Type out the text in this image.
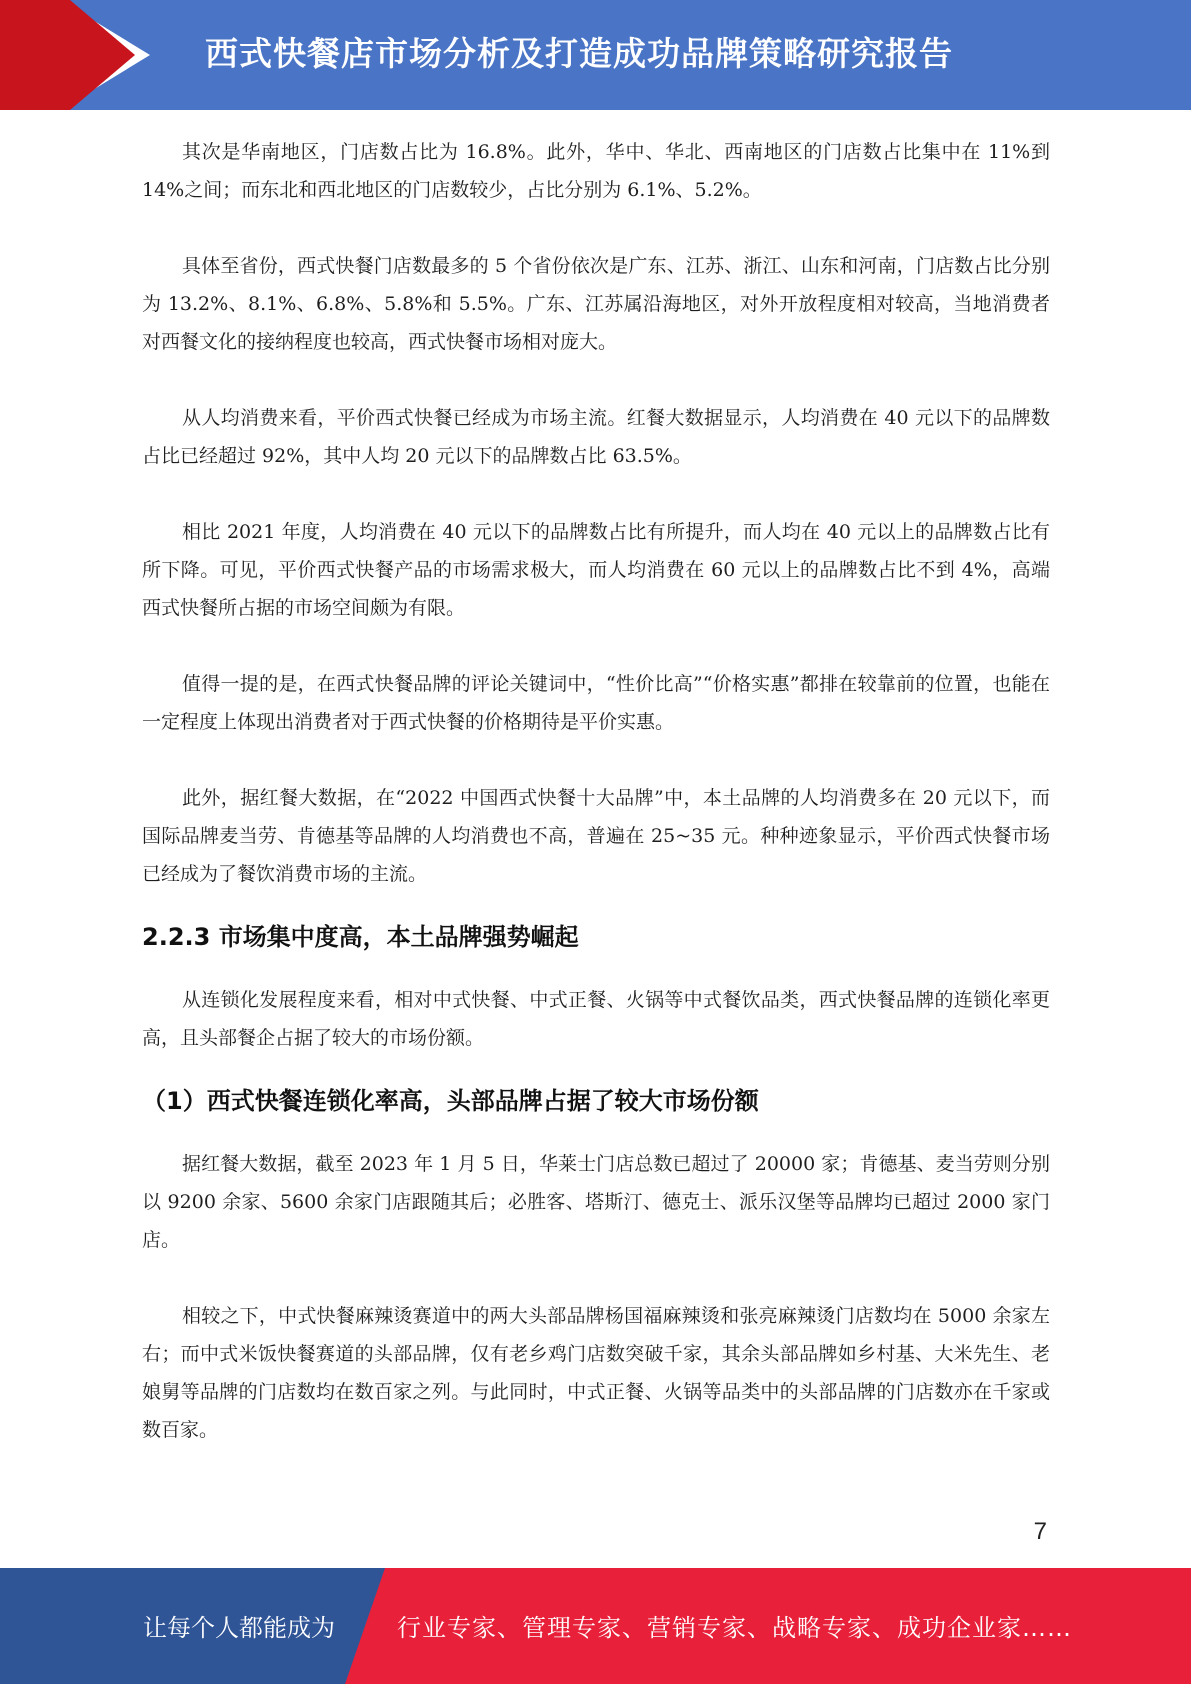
西式快餐店市场分析及打造成功品牌策略研究报告

其次是华南地区，门店数占比为 16.8%。此外，华中、华北、西南地区的门店数占比集中在 11%到 14%之间；而东北和西北地区的门店数较少，占比分别为 6.1%、5.2%。

具体至省份，西式快餐门店数最多的 5 个省份依次是广东、江苏、浙江、山东和河南，门店数占比分别为 13.2%、8.1%、6.8%、5.8%和 5.5%。广东、江苏属沿海地区，对外开放程度相对较高，当地消费者对西餐文化的接纳程度也较高，西式快餐市场相对庞大。

从人均消费来看，平价西式快餐已经成为市场主流。红餐大数据显示，人均消费在 40 元以下的品牌数占比已经超过 92%，其中人均 20 元以下的品牌数占比 63.5%。

相比 2021 年度，人均消费在 40 元以下的品牌数占比有所提升，而人均在 40 元以上的品牌数占比有所下降。可见，平价西式快餐产品的市场需求极大，而人均消费在 60 元以上的品牌数占比不到 4%，高端西式快餐所占据的市场空间颇为有限。

值得一提的是，在西式快餐品牌的评论关键词中，“性价比高”“价格实惠”都排在较靠前的位置，也能在一定程度上体现出消费者对于西式快餐的价格期待是平价实惠。

此外，据红餐大数据，在“2022 中国西式快餐十大品牌”中，本土品牌的人均消费多在 20 元以下，而国际品牌麦当劳、肯德基等品牌的人均消费也不高，普遍在 25~35 元。种种迹象显示，平价西式快餐市场已经成为了餐饮消费市场的主流。

2.2.3 市场集中度高，本土品牌强势崛起

从连锁化发展程度来看，相对中式快餐、中式正餐、火锅等中式餐饮品类，西式快餐品牌的连锁化率更高，且头部餐企占据了较大的市场份额。

（1）西式快餐连锁化率高，头部品牌占据了较大市场份额

据红餐大数据，截至 2023 年 1 月 5 日，华莱士门店总数已超过了 20000 家；肯德基、麦当劳则分别以 9200 余家、5600 余家门店跟随其后；必胜客、塔斯汀、德克士、派乐汉堡等品牌均已超过 2000 家门店。

相较之下，中式快餐麻辣烫赛道中的两大头部品牌杨国福麻辣烫和张亮麻辣烫门店数均在 5000 余家左右；而中式米饭快餐赛道的头部品牌，仅有老乡鸡门店数突破千家，其余头部品牌如乡村基、大米先生、老娘舅等品牌的门店数均在数百家之列。与此同时，中式正餐、火锅等品类中的头部品牌的门店数亦在千家或数百家。

7
让每个人都能成为	行业专家、管理专家、营销专家、战略专家、成功企业家……
